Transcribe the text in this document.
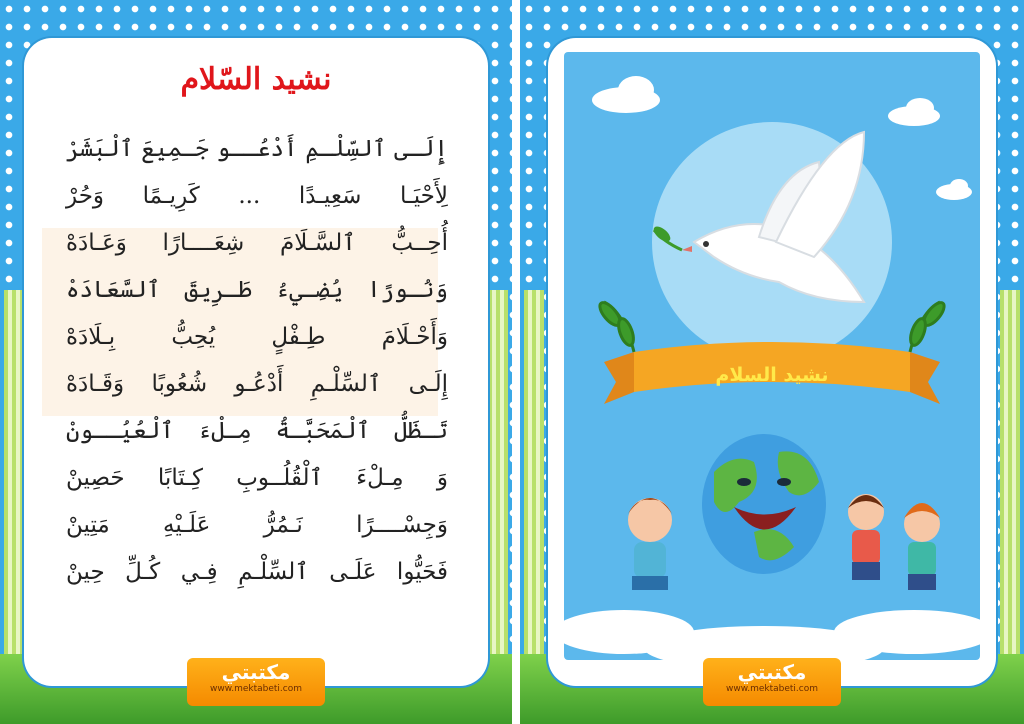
نشيد السّلام
إِلَـى ٱلسِّلْـمِ أَدْعُــو جَـمِيعَ ٱلْبَشَرْ
لِأَحْيَـا سَعِيـدًا ... كَرِيـمًا وَحُرْ
أُحِــبُّ ٱلسَّـلَامَ شِعَــــارًا وَعَـادَهْ
وَنُـورًا يُضِـيءُ طَـرِيقَ ٱلسَّعَادَهْ
وَأَحْـلَامَ طِـفْلٍ يُحِبُّ بِـلَادَهْ
إِلَـى ٱلسِّلْـمِ أَدْعُـو شُعُوبًا وَقَـادَهْ
تَـظَلُّ ٱلْمَحَبَّـةُ مِـلْءَ ٱلْعُيُــونْ
وَ مِـلْءَ ٱلْقُلُــوبِ كِـتَابًا حَصِينْ
وَجِسْــــرًا نَـمُرُّ عَلَـيْهِ مَتِينْ
فَحَيُّوا عَلَـى ٱلسِّلْـمِ فِـي كُـلِّ حِينْ
مكتبتي
www.mektabeti.com
نشيد السلام
مكتبتي
www.mektabeti.com
